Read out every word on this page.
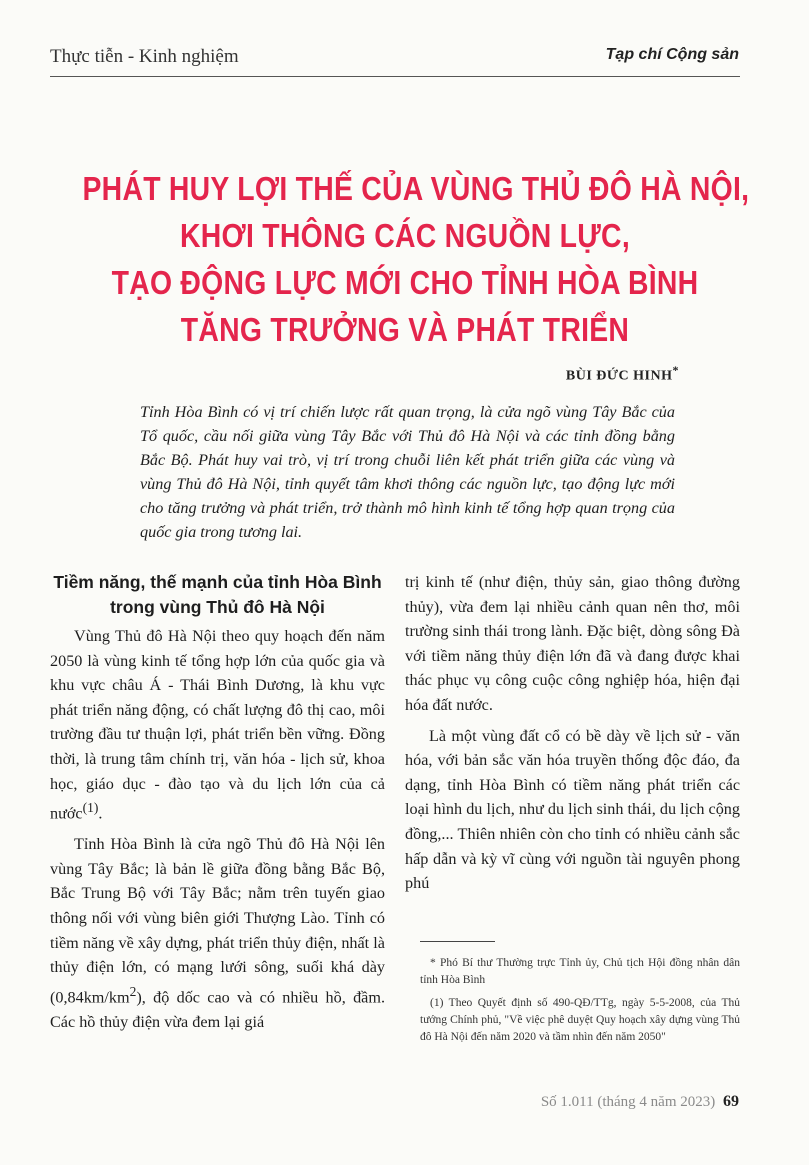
Thực tiễn - Kinh nghiệm	Tạp chí Cộng sản
PHÁT HUY LỢI THẾ CỦA VÙNG THỦ ĐÔ HÀ NỘI,
KHƠI THÔNG CÁC NGUỒN LỰC,
TẠO ĐỘNG LỰC MỚI CHO TỈNH HÒA BÌNH
TĂNG TRƯỞNG VÀ PHÁT TRIỂN
BÙI ĐỨC HINH*
Tỉnh Hòa Bình có vị trí chiến lược rất quan trọng, là cửa ngõ vùng Tây Bắc của Tổ quốc, cầu nối giữa vùng Tây Bắc với Thủ đô Hà Nội và các tỉnh đồng bằng Bắc Bộ. Phát huy vai trò, vị trí trong chuỗi liên kết phát triển giữa các vùng và vùng Thủ đô Hà Nội, tỉnh quyết tâm khơi thông các nguồn lực, tạo động lực mới cho tăng trưởng và phát triển, trở thành mô hình kinh tế tổng hợp quan trọng của quốc gia trong tương lai.
Tiềm năng, thế mạnh của tỉnh Hòa Bình trong vùng Thủ đô Hà Nội

Vùng Thủ đô Hà Nội theo quy hoạch đến năm 2050 là vùng kinh tế tổng hợp lớn của quốc gia và khu vực châu Á - Thái Bình Dương, là khu vực phát triển năng động, có chất lượng đô thị cao, môi trường đầu tư thuận lợi, phát triển bền vững. Đồng thời, là trung tâm chính trị, văn hóa - lịch sử, khoa học, giáo dục - đào tạo và du lịch lớn của cả nước$^{(1)}$.

Tỉnh Hòa Bình là cửa ngõ Thủ đô Hà Nội lên vùng Tây Bắc; là bản lề giữa đồng bằng Bắc Bộ, Bắc Trung Bộ với Tây Bắc; nằm trên tuyến giao thông nối với vùng biên giới Thượng Lào. Tỉnh có tiềm năng về xây dựng, phát triển thủy điện, nhất là thủy điện lớn, có mạng lưới sông, suối khá dày $(0,84km/km^2)$, độ dốc cao và có nhiều hồ, đầm. Các hồ thủy điện vừa đem lại giá

trị kinh tế (như điện, thủy sản, giao thông đường thủy), vừa đem lại nhiều cảnh quan nên thơ, môi trường sinh thái trong lành. Đặc biệt, dòng sông Đà với tiềm năng thủy điện lớn đã và đang được khai thác phục vụ công cuộc công nghiệp hóa, hiện đại hóa đất nước.

Là một vùng đất cổ có bề dày về lịch sử - văn hóa, với bản sắc văn hóa truyền thống độc đáo, đa dạng, tỉnh Hòa Bình có tiềm năng phát triển các loại hình du lịch, như du lịch sinh thái, du lịch cộng đồng,... Thiên nhiên còn cho tỉnh có nhiều cảnh sắc hấp dẫn và kỳ vĩ cùng với nguồn tài nguyên phong phú

* Phó Bí thư Thường trực Tỉnh ủy, Chủ tịch Hội đồng nhân dân tỉnh Hòa Bình

(1) Theo Quyết định số 490-QĐ/TTg, ngày 5-5-2008, của Thủ tướng Chính phủ, "Về việc phê duyệt Quy hoạch xây dựng vùng Thủ đô Hà Nội đến năm 2020 và tầm nhìn đến năm 2050"

Số 1.011 (tháng 4 năm 2023) 69
